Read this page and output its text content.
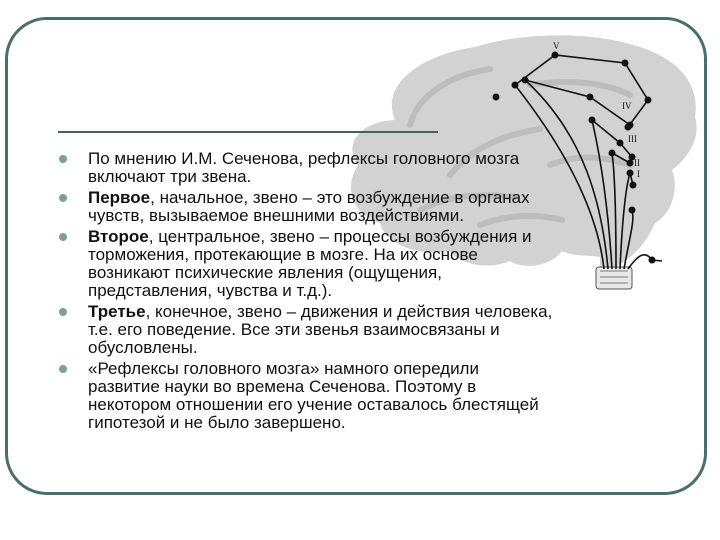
V
IV
III
II
I
По мнению И.М. Сеченова, рефлексы головного мозга включают три звена.
Первое, начальное, звено – это возбуждение в органах чувств, вызываемое внешними воздействиями.
Второе, центральное, звено – процессы возбуждения и торможения, протекающие в мозге. На их основе возникают психические явления (ощущения, представления, чувства и т.д.).
Третье, конечное, звено – движения и действия человека, т.е. его поведение. Все эти звенья взаимосвязаны и обусловлены.
«Рефлексы головного мозга» намного опередили развитие науки во времена Сеченова. Поэтому в некотором отношении его учение оставалось блестящей гипотезой и не было завершено.
